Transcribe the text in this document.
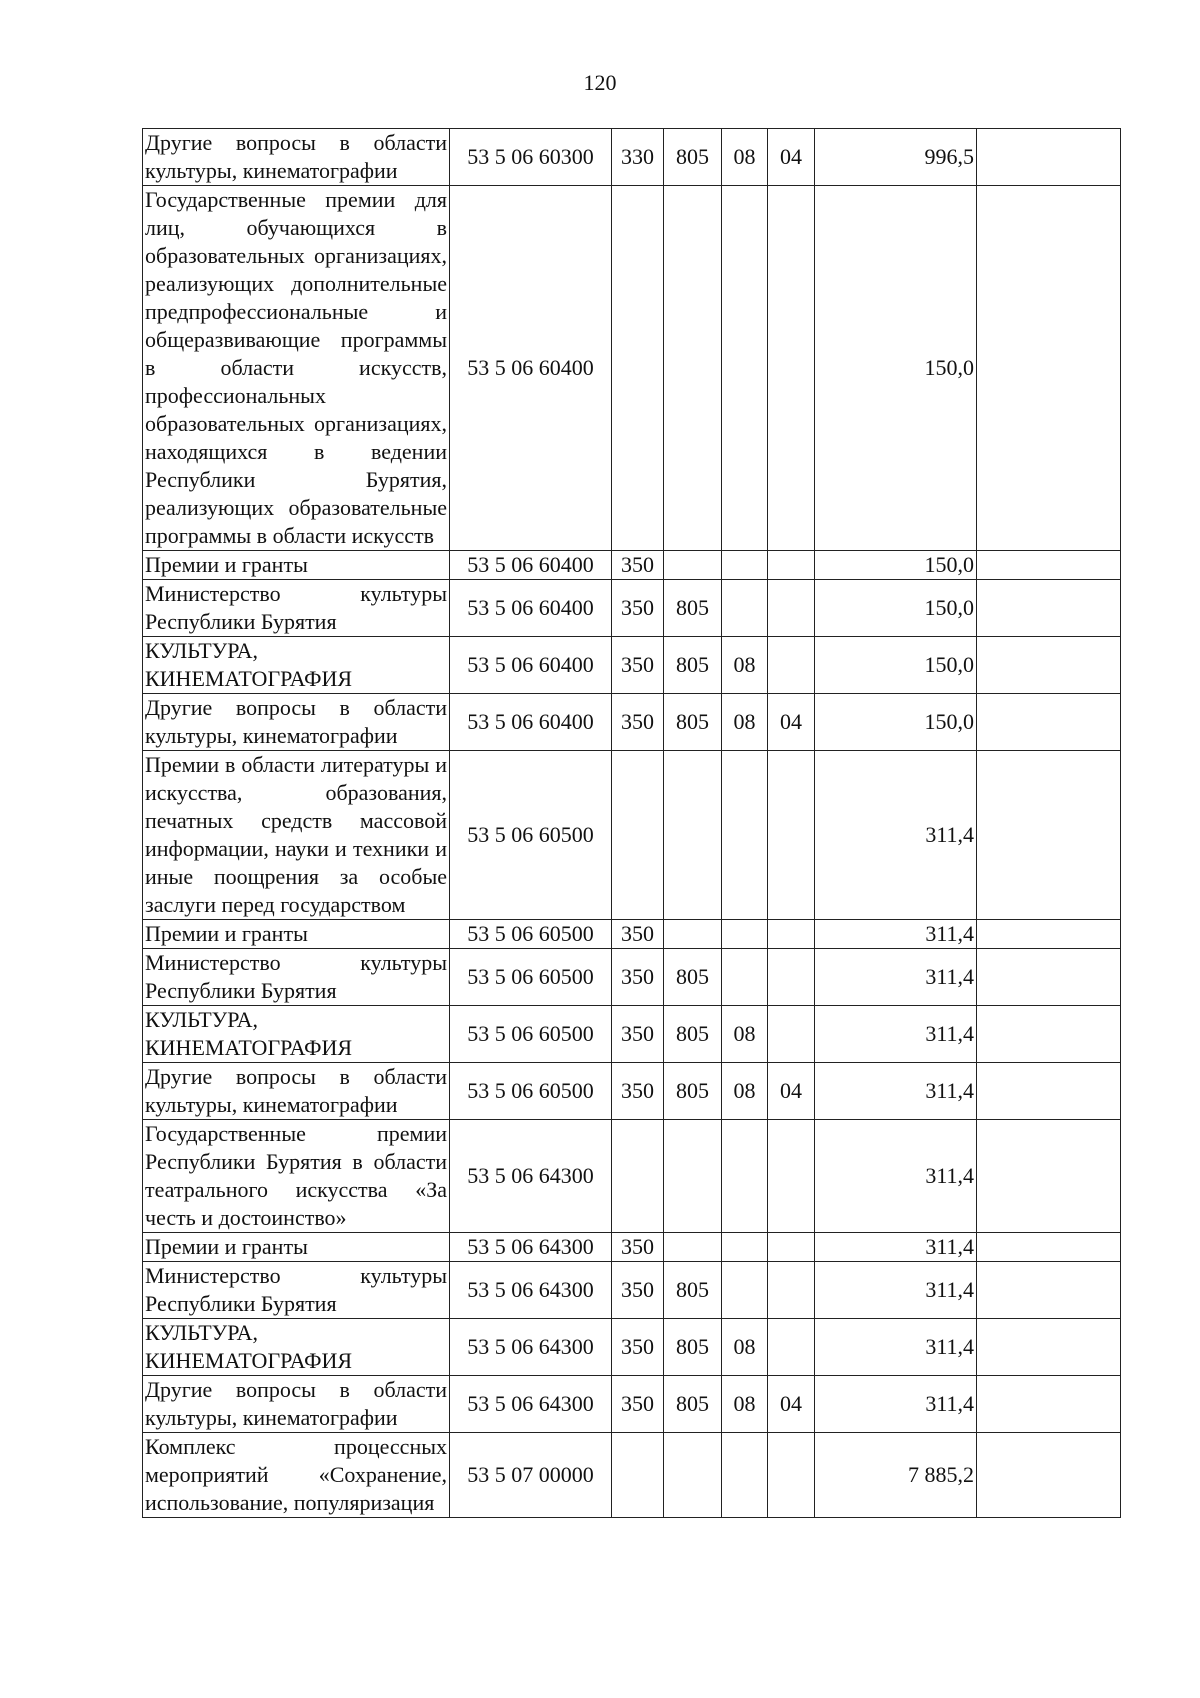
120
Другие вопросы в области культуры, кинематографии	53 5 06 60300	330	805	08	04	996,5	
Государственные премии для лиц, обучающихся в образовательных организациях, реализующих дополнительные предпрофессиональные и общеразвивающие программы в области искусств, профессиональных образовательных организациях, находящихся в ведении Республики Бурятия, реализующих образовательные программы в области искусств	53 5 06 60400					150,0	
Премии и гранты	53 5 06 60400	350				150,0	
Министерство культуры Республики Бурятия	53 5 06 60400	350	805			150,0	
КУЛЬТУРА, КИНЕМАТОГРАФИЯ	53 5 06 60400	350	805	08		150,0	
Другие вопросы в области культуры, кинематографии	53 5 06 60400	350	805	08	04	150,0	
Премии в области литературы и искусства, образования, печатных средств массовой информации, науки и техники и иные поощрения за особые заслуги перед государством	53 5 06 60500					311,4	
Премии и гранты	53 5 06 60500	350				311,4	
Министерство культуры Республики Бурятия	53 5 06 60500	350	805			311,4	
КУЛЬТУРА, КИНЕМАТОГРАФИЯ	53 5 06 60500	350	805	08		311,4	
Другие вопросы в области культуры, кинематографии	53 5 06 60500	350	805	08	04	311,4	
Государственные премии Республики Бурятия в области театрального искусства «За честь и достоинство»	53 5 06 64300					311,4	
Премии и гранты	53 5 06 64300	350				311,4	
Министерство культуры Республики Бурятия	53 5 06 64300	350	805			311,4	
КУЛЬТУРА, КИНЕМАТОГРАФИЯ	53 5 06 64300	350	805	08		311,4	
Другие вопросы в области культуры, кинематографии	53 5 06 64300	350	805	08	04	311,4	
Комплекс процессных мероприятий «Сохранение, использование, популяризация	53 5 07 00000					7 885,2	
